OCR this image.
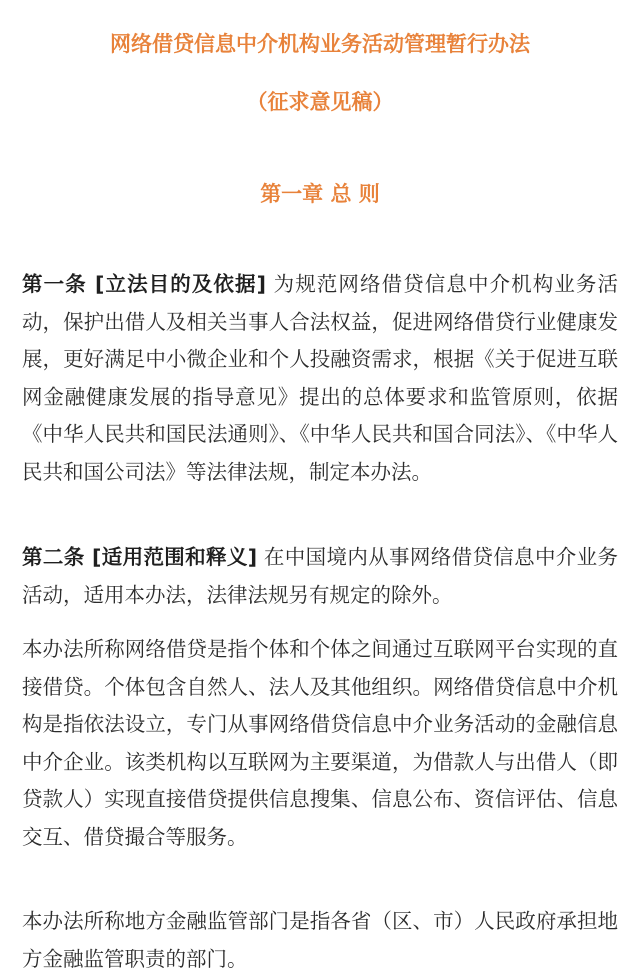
网络借贷信息中介机构业务活动管理暂行办法
（征求意见稿）
第一章 总 则
第一条 [立法目的及依据] 为规范网络借贷信息中介机构业务活动，保护出借人及相关当事人合法权益，促进网络借贷行业健康发展，更好满足中小微企业和个人投融资需求，根据《关于促进互联网金融健康发展的指导意见》提出的总体要求和监管原则，依据《中华人民共和国民法通则》、《中华人民共和国合同法》、《中华人民共和国公司法》等法律法规，制定本办法。
第二条 [适用范围和释义] 在中国境内从事网络借贷信息中介业务活动，适用本办法，法律法规另有规定的除外。
本办法所称网络借贷是指个体和个体之间通过互联网平台实现的直接借贷。个体包含自然人、法人及其他组织。网络借贷信息中介机构是指依法设立，专门从事网络借贷信息中介业务活动的金融信息中介企业。该类机构以互联网为主要渠道，为借款人与出借人（即贷款人）实现直接借贷提供信息搜集、信息公布、资信评估、信息交互、借贷撮合等服务。
本办法所称地方金融监管部门是指各省（区、市）人民政府承担地方金融监管职责的部门。
